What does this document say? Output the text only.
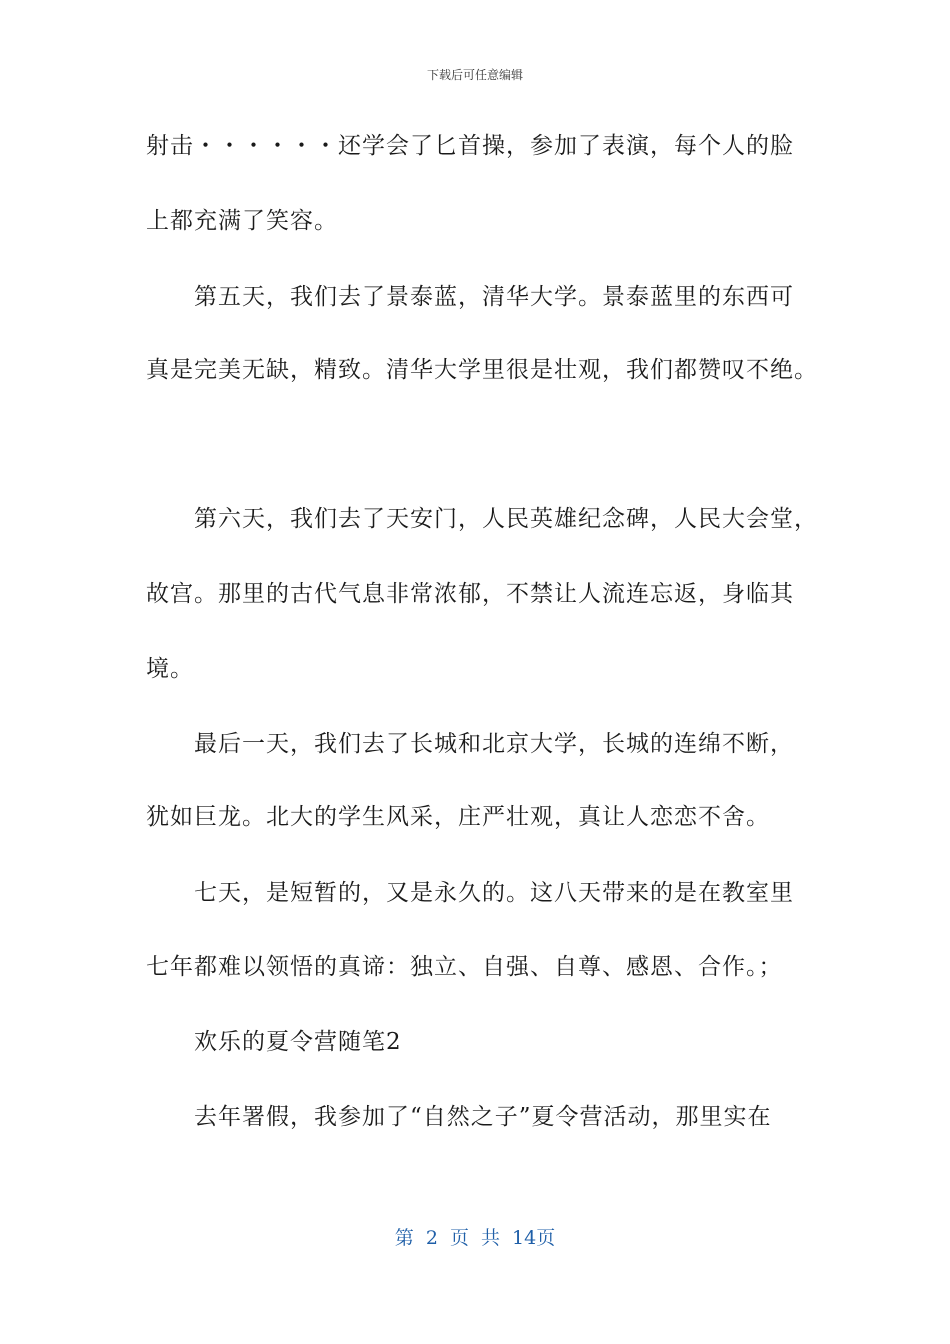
下载后可任意编辑
射击・・・・・・还学会了匕首操，参加了表演，每个人的脸
上都充满了笑容。
第五天，我们去了景泰蓝，清华大学。景泰蓝里的东西可
真是完美无缺，精致。清华大学里很是壮观，我们都赞叹不绝。
第六天，我们去了天安门，人民英雄纪念碑，人民大会堂，
故宫。那里的古代气息非常浓郁，不禁让人流连忘返，身临其
境。
最后一天，我们去了长城和北京大学，长城的连绵不断，
犹如巨龙。北大的学生风采，庄严壮观，真让人恋恋不舍。
七天，是短暂的，又是永久的。这八天带来的是在教室里
七年都难以领悟的真谛：独立、自强、自尊、感恩、合作。；
欢乐的夏令营随笔2
去年署假，我参加了“自然之子”夏令营活动，那里实在
第 2 页 共 14页
